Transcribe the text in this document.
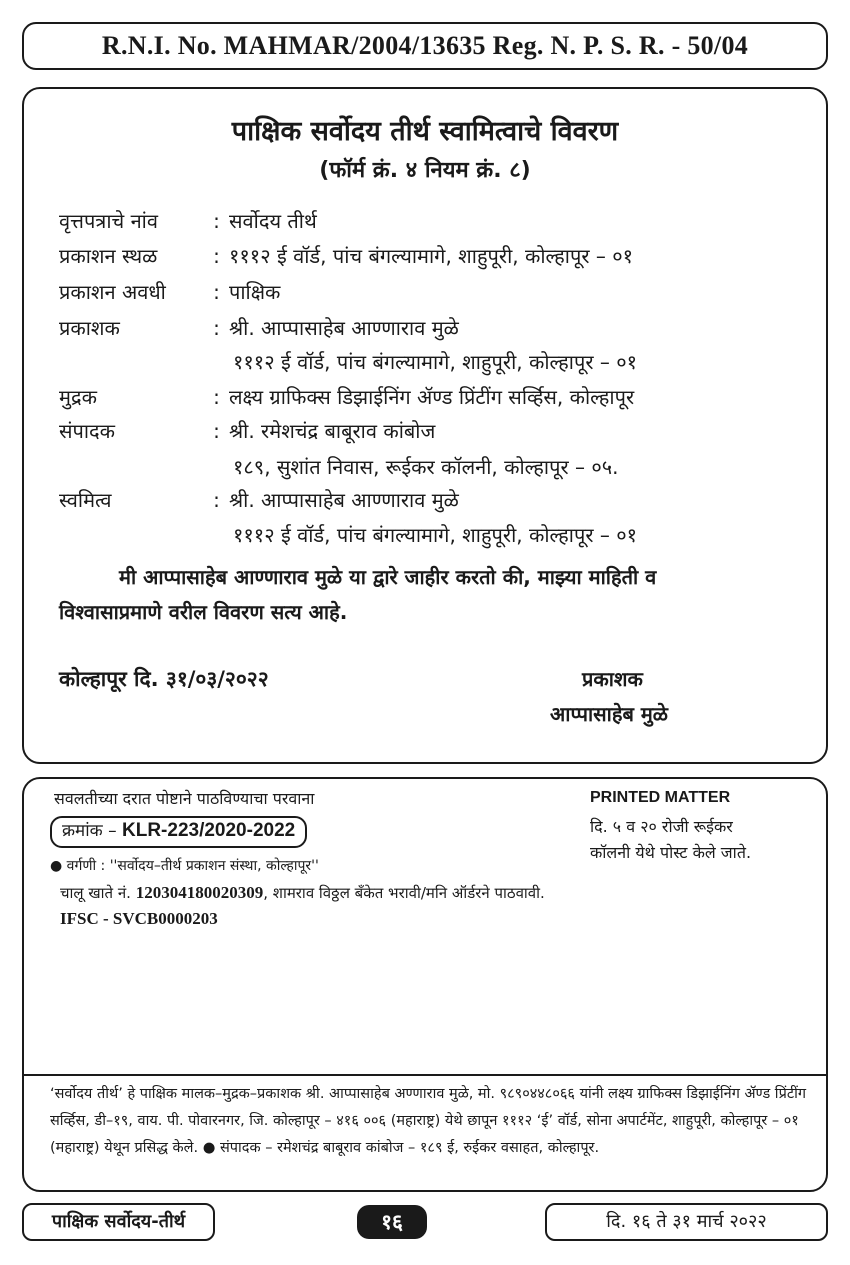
R.N.I. No. MAHMAR/2004/13635 Reg. N. P. S. R. - 50/04
पाक्षिक सर्वोदय तीर्थ स्वामित्वाचे विवरण
(फॉर्म क्रं. ४ नियम क्रं. ८)
वृत्तपत्राचे नांव	: सर्वोदय तीर्थ
प्रकाशन स्थळ	: १११२ ई वॉर्ड, पांच बंगल्यामागे, शाहुपूरी, कोल्हापूर – ०१
प्रकाशन अवधी : पाक्षिक
प्रकाशक	: श्री. आप्पासाहेब आण्णाराव मुळे
१११२ ई वॉर्ड, पांच बंगल्यामागे, शाहुपूरी, कोल्हापूर – ०१
मुद्रक	: लक्ष्य ग्राफिक्स डिझाईनिंग ॲण्ड प्रिंटींग सर्व्हिस, कोल्हापूर
संपादक	: श्री. रमेशचंद्र बाबूराव कांबोज
१८९, सुशांत निवास, रूईकर कॉलनी, कोल्हापूर – ०५.
स्वमित्व	: श्री. आप्पासाहेब आण्णाराव मुळे
१११२ ई वॉर्ड, पांच बंगल्यामागे, शाहुपूरी, कोल्हापूर – ०१
मी आप्पासाहेब आण्णाराव मुळे या द्वारे जाहीर करतो की, माझ्या माहिती व
विश्वासाप्रमाणे वरील विवरण सत्य आहे.
कोल्हापूर दि. ३१/०३/२०२२	प्रकाशक
आप्पासाहेब मुळे
सवलतीच्या दरात पोष्टाने पाठविण्याचा परवाना
क्रमांक – KLR-223/2020-2022
PRINTED MATTER
दि. ५ व २० रोजी रूईकर
कॉलनी येथे पोस्ट केले जाते.
● वर्गणी : ''सर्वोदय–तीर्थ प्रकाशन संस्था, कोल्हापूर''
चालू खाते नं. 120304180020309, शामराव विठ्ठल बँकेत भरावी/मनि ऑर्डरने पाठवावी.
IFSC - SVCB0000203
‘सर्वोदय तीर्थ’ हे पाक्षिक मालक–मुद्रक–प्रकाशक श्री. आप्पासाहेब अण्णाराव मुळे, मो. ९८९०४४८०६६ यांनी लक्ष्य ग्राफिक्स डिझाईनिंग ॲण्ड प्रिंटींग सर्व्हिस, डी–१९, वाय. पी. पोवारनगर, जि. कोल्हापूर – ४१६ ००६ (महाराष्ट्र) येथे छापून १११२ ‘ई’ वॉर्ड, सोना अपार्टमेंट, शाहुपूरी, कोल्हापूर – ०१ (महाराष्ट्र) येथून प्रसिद्ध केले. ● संपादक – रमेशचंद्र बाबूराव कांबोज – १८९ ई, रुईकर वसाहत, कोल्हापूर.
पाक्षिक सर्वोदय-तीर्थ	१६	दि. १६ ते ३१ मार्च २०२२
